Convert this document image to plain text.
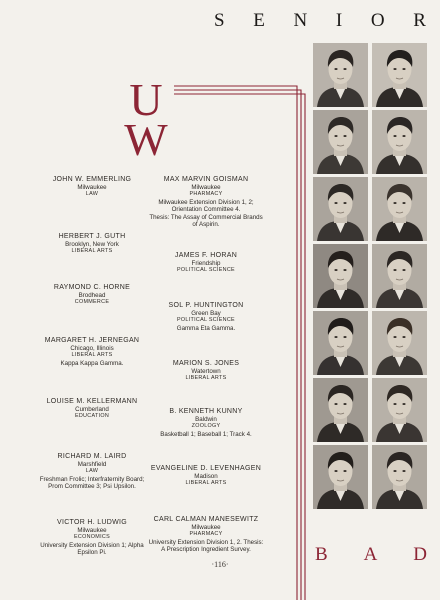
S E N I O R
U
W
JOHN W. EMMERLING
Milwaukee
LAW
HERBERT J. GUTH
Brooklyn, New York
LIBERAL ARTS
RAYMOND C. HORNE
Brodhead
COMMERCE
MARGARET H. JERNEGAN
Chicago, Illinois
LIBERAL ARTS
Kappa Kappa Gamma.
LOUISE M. KELLERMANN
Cumberland
EDUCATION
RICHARD M. LAIRD
Marshfield
LAW
Freshman Frolic; Interfraternity Board; Prom Committee 3; Psi Upsilon.
VICTOR H. LUDWIG
Milwaukee
ECONOMICS
University Extension Division 1; Alpha Epsilon Pi.
MAX MARVIN GOISMAN
Milwaukee
PHARMACY
Milwaukee Extension Division 1, 2; Orientation Committee 4.
Thesis: The Assay of Commercial Brands of Aspirin.
JAMES F. HORAN
Friendship
POLITICAL SCIENCE
SOL P. HUNTINGTON
Green Bay
POLITICAL SCIENCE
Gamma Eta Gamma.
MARION S. JONES
Watertown
LIBERAL ARTS
B. KENNETH KUNNY
Baldwin
ZOOLOGY
Basketball 1; Baseball 1; Track 4.
EVANGELINE D. LEVENHAGEN
Madison
LIBERAL ARTS
CARL CALMAN MANESEWITZ
Milwaukee
PHARMACY
University Extension Division 1, 2. Thesis: A Prescription Ingredient Survey.	B A D
·116·
